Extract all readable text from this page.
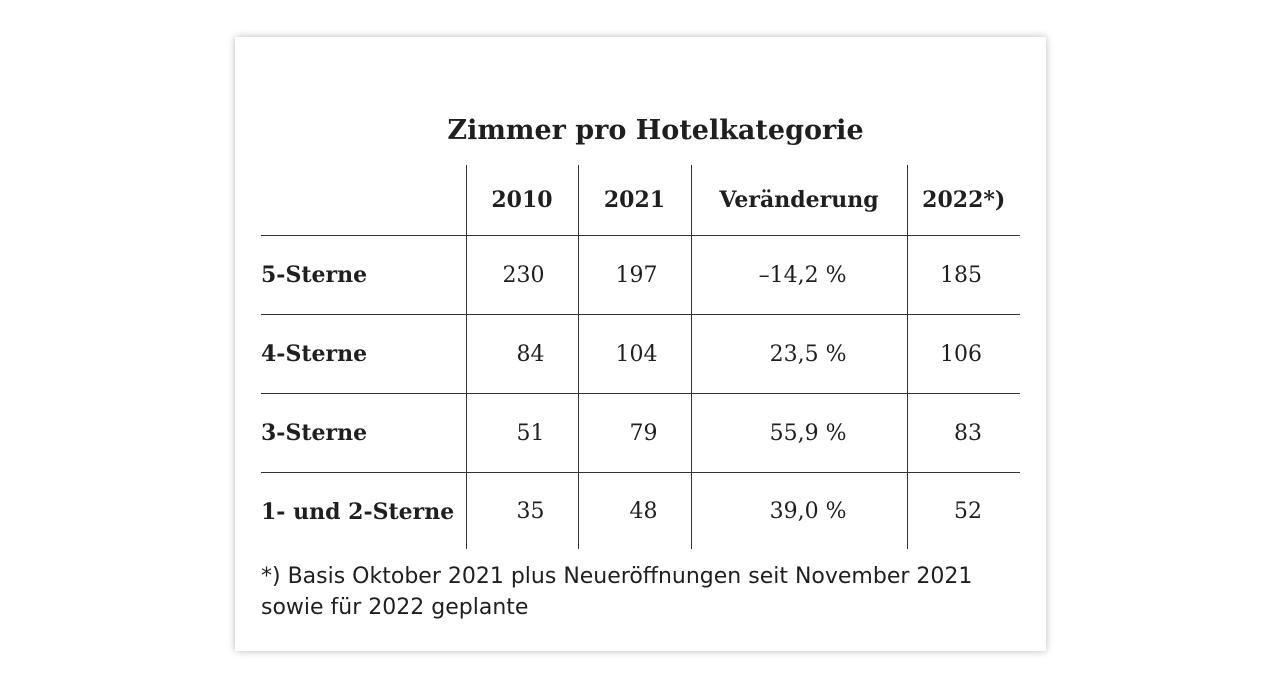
Zimmer pro Hotelkategorie
	2010	2021	Veränderung	2022*)
5-Sterne	230	197	–14,2 %	185
4-Sterne	84	104	23,5 %	106
3-Sterne	51	79	55,9 %	83
1- und 2-Sterne	35	48	39,0 %	52

*) Basis Oktober 2021 plus Neueröffnungen seit November 2021 sowie für 2022 geplante
